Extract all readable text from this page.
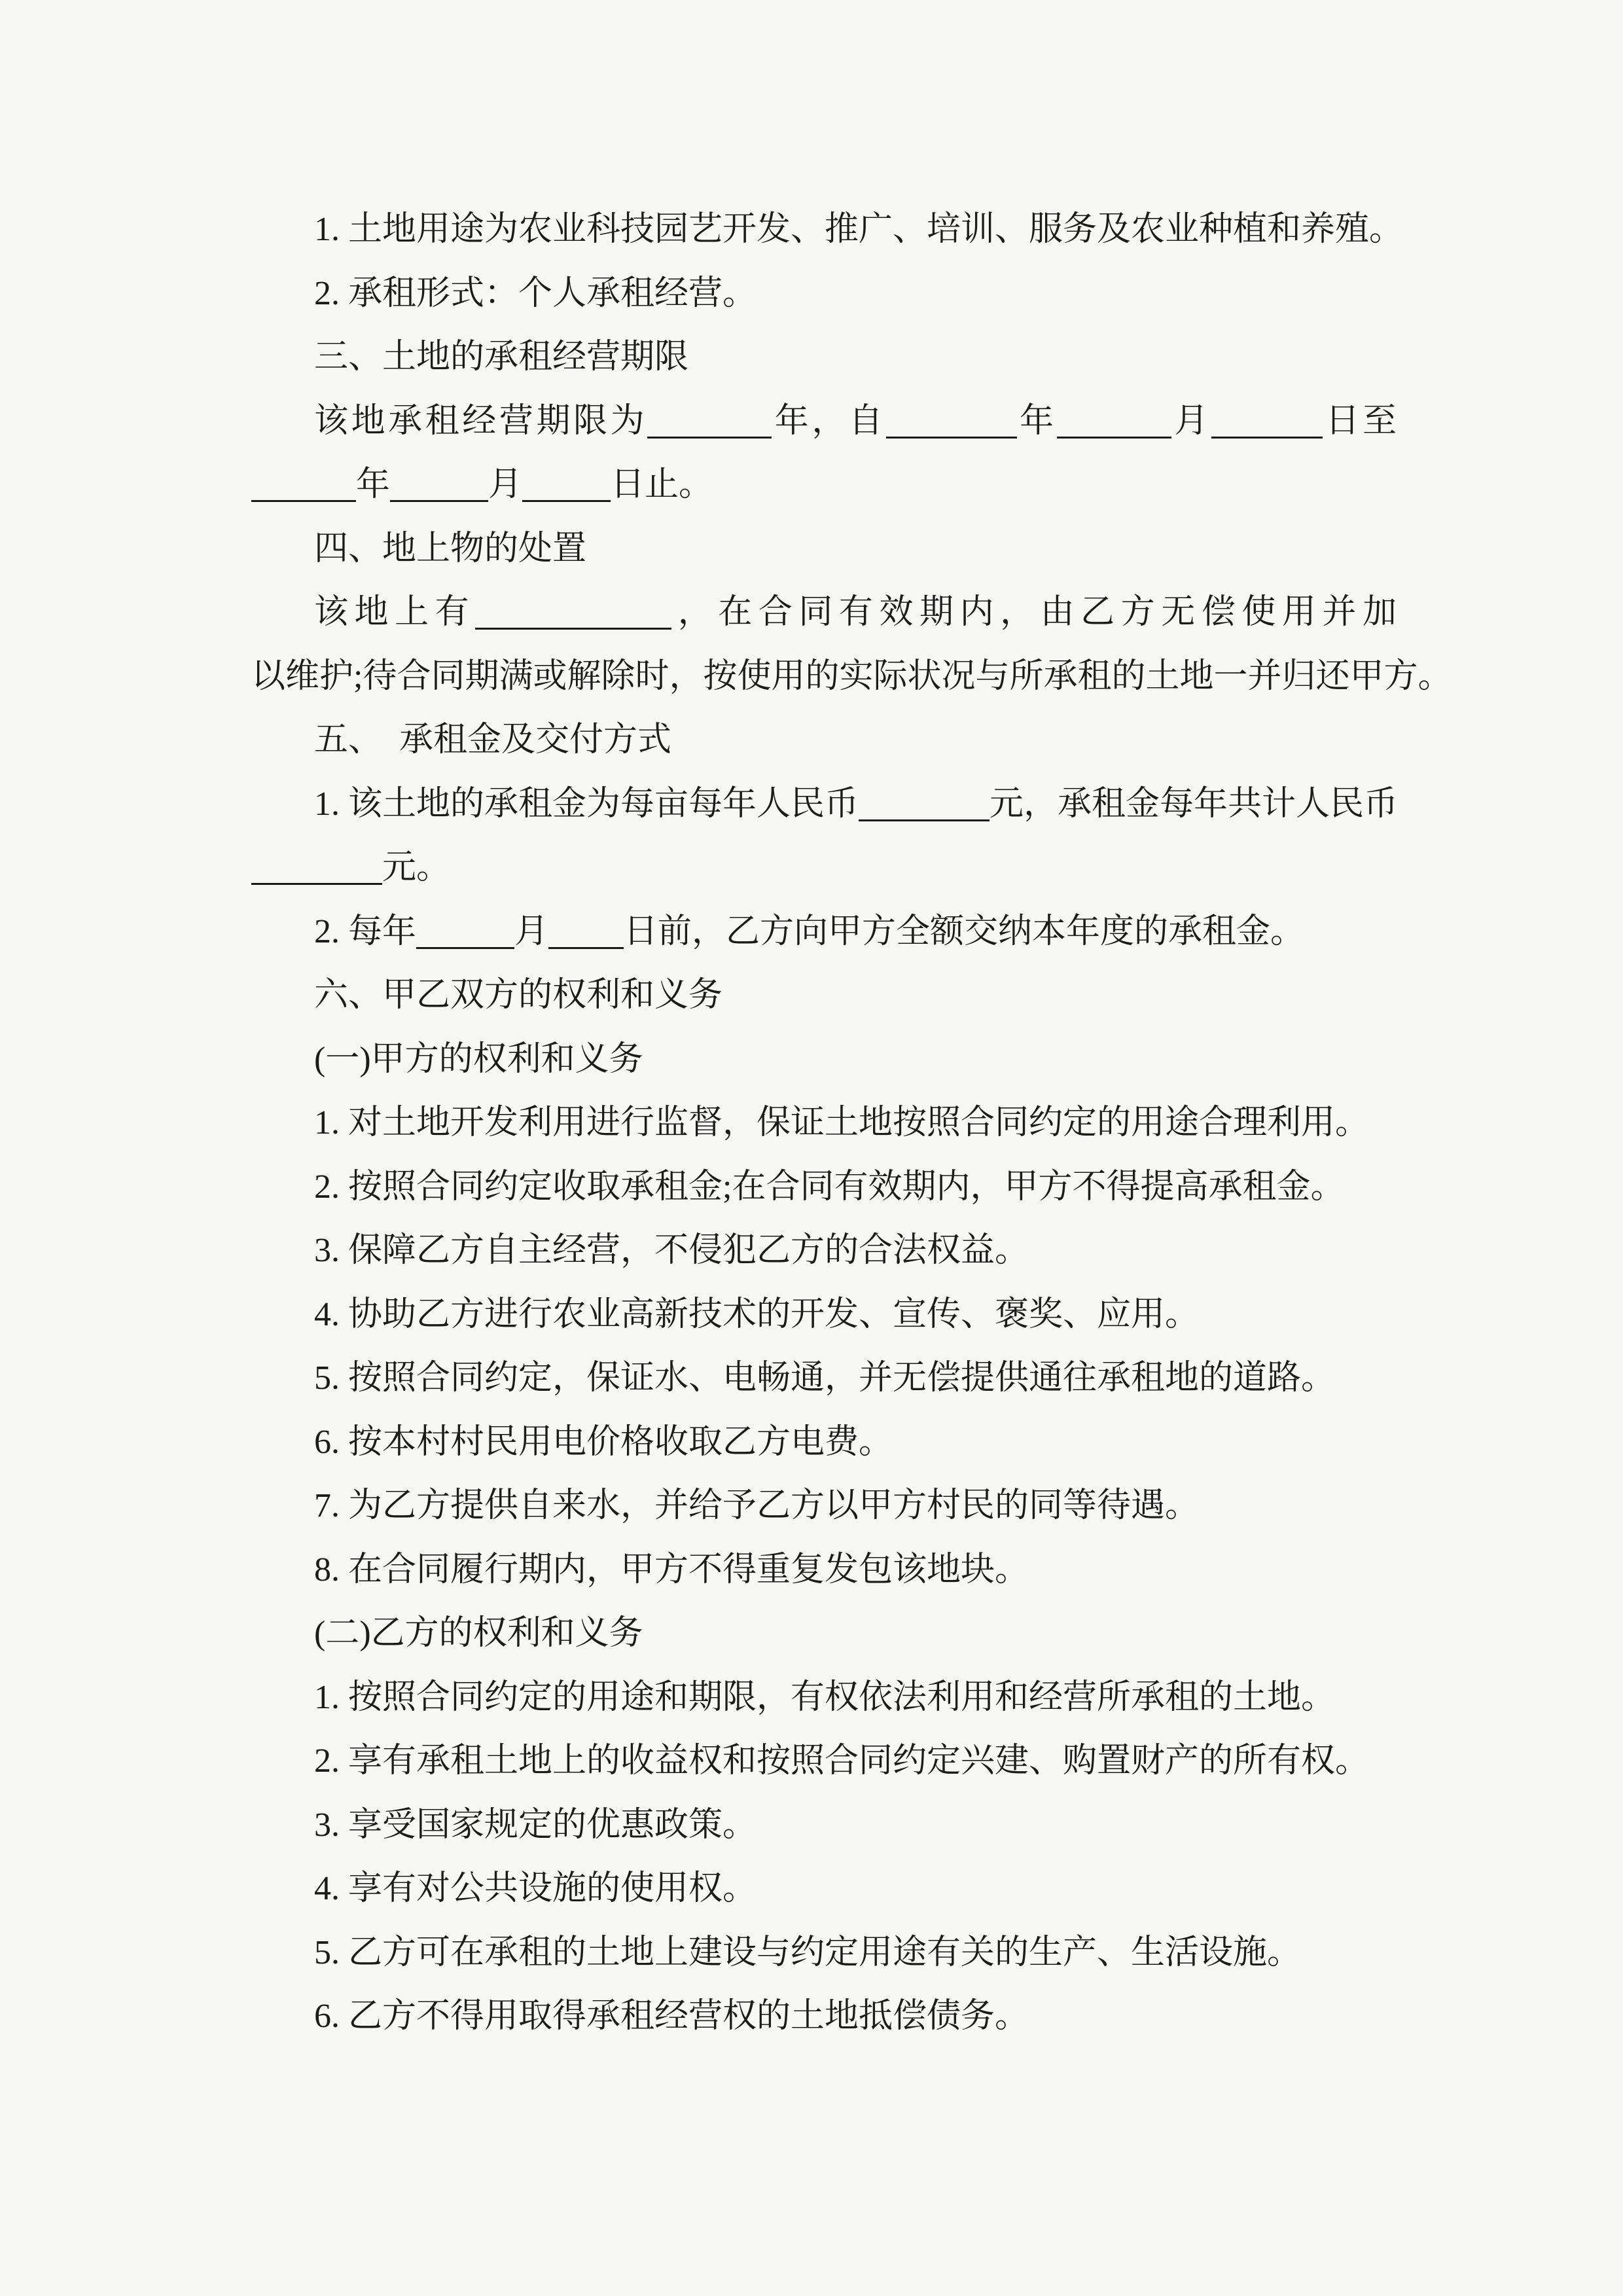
1. 土地用途为农业科技园艺开发、推广、培训、服务及农业种植和养殖。

2. 承租形式：个人承租经营。

三、土地的承租经营期限

该地承租经营期限为	年，自	年	月	日至

年	月	日止。

四、地上物的处置

该地上有	，在合同有效期内，由乙方无偿使用并加

以维护;待合同期满或解除时，按使用的实际状况与所承租的土地一并归还甲方。

五、　承租金及交付方式

1. 该土地的承租金为每亩每年人民币	元，承租金每年共计人民币

元。

2. 每年	月 日前，乙方向甲方全额交纳本年度的承租金。

六、甲乙双方的权利和义务

(一)甲方的权利和义务

1. 对土地开发利用进行监督，保证土地按照合同约定的用途合理利用。

2. 按照合同约定收取承租金;在合同有效期内，甲方不得提高承租金。

3. 保障乙方自主经营，不侵犯乙方的合法权益。

4. 协助乙方进行农业高新技术的开发、宣传、褒奖、应用。

5. 按照合同约定，保证水、电畅通，并无偿提供通往承租地的道路。

6. 按本村村民用电价格收取乙方电费。

7. 为乙方提供自来水，并给予乙方以甲方村民的同等待遇。

8. 在合同履行期内，甲方不得重复发包该地块。

(二)乙方的权利和义务

1. 按照合同约定的用途和期限，有权依法利用和经营所承租的土地。

2. 享有承租土地上的收益权和按照合同约定兴建、购置财产的所有权。

3. 享受国家规定的优惠政策。

4. 享有对公共设施的使用权。

5. 乙方可在承租的土地上建设与约定用途有关的生产、生活设施。

6. 乙方不得用取得承租经营权的土地抵偿债务。
